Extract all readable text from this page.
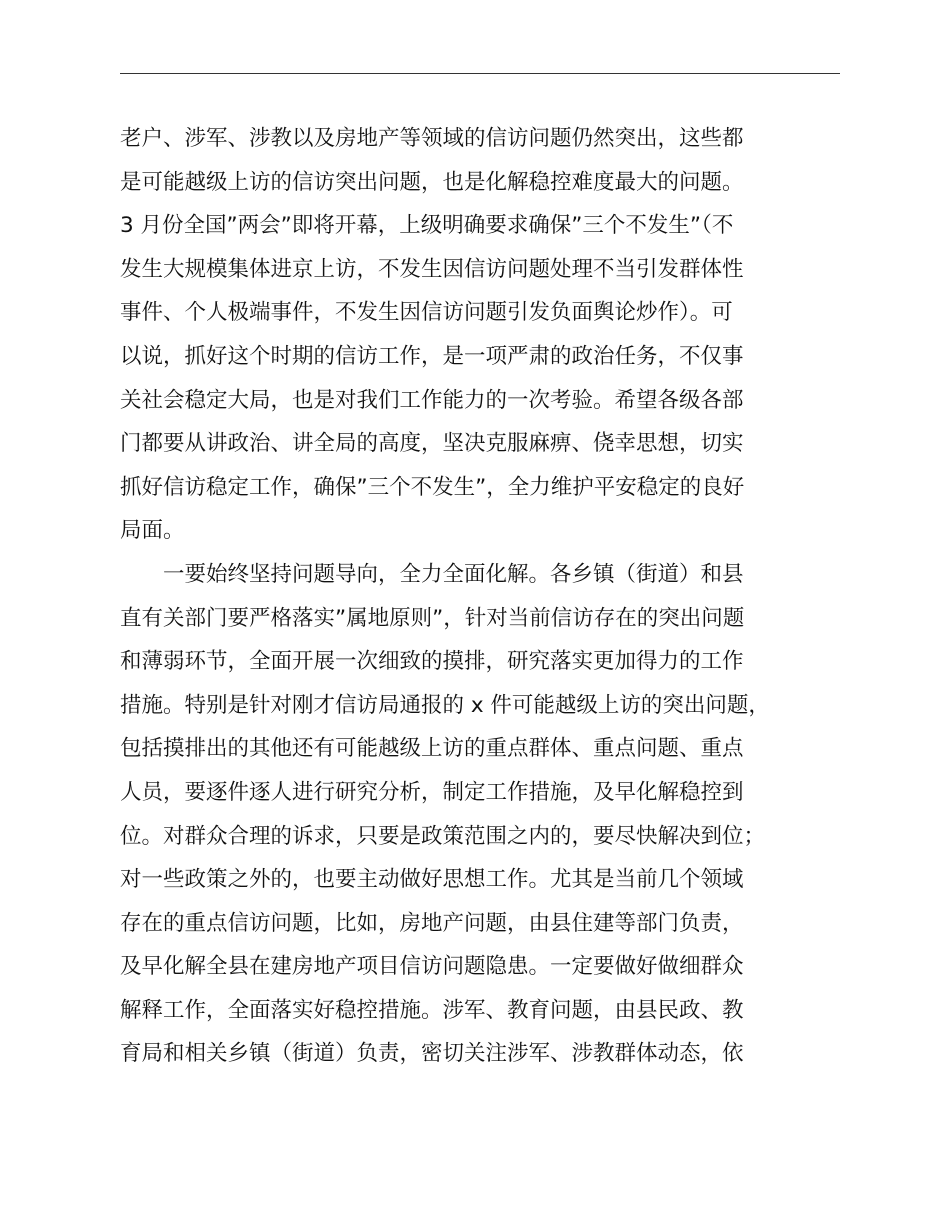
老户、涉军、涉教以及房地产等领域的信访问题仍然突出，这些都
是可能越级上访的信访突出问题，也是化解稳控难度最大的问题。
3 月份全国”两会”即将开幕，上级明确要求确保”三个不发生”（不
发生大规模集体进京上访，不发生因信访问题处理不当引发群体性
事件、个人极端事件，不发生因信访问题引发负面舆论炒作）。可
以说，抓好这个时期的信访工作，是一项严肃的政治任务，不仅事
关社会稳定大局，也是对我们工作能力的一次考验。希望各级各部
门都要从讲政治、讲全局的高度，坚决克服麻痹、侥幸思想，切实
抓好信访稳定工作，确保”三个不发生”，全力维护平安稳定的良好
局面。
　　一要始终坚持问题导向，全力全面化解。各乡镇（街道）和县
直有关部门要严格落实”属地原则”，针对当前信访存在的突出问题
和薄弱环节，全面开展一次细致的摸排，研究落实更加得力的工作
措施。特别是针对刚才信访局通报的 x 件可能越级上访的突出问题，
包括摸排出的其他还有可能越级上访的重点群体、重点问题、重点
人员，要逐件逐人进行研究分析，制定工作措施，及早化解稳控到
位。对群众合理的诉求，只要是政策范围之内的，要尽快解决到位；
对一些政策之外的，也要主动做好思想工作。尤其是当前几个领域
存在的重点信访问题，比如，房地产问题，由县住建等部门负责，
及早化解全县在建房地产项目信访问题隐患。一定要做好做细群众
解释工作，全面落实好稳控措施。涉军、教育问题，由县民政、教
育局和相关乡镇（街道）负责，密切关注涉军、涉教群体动态，依
